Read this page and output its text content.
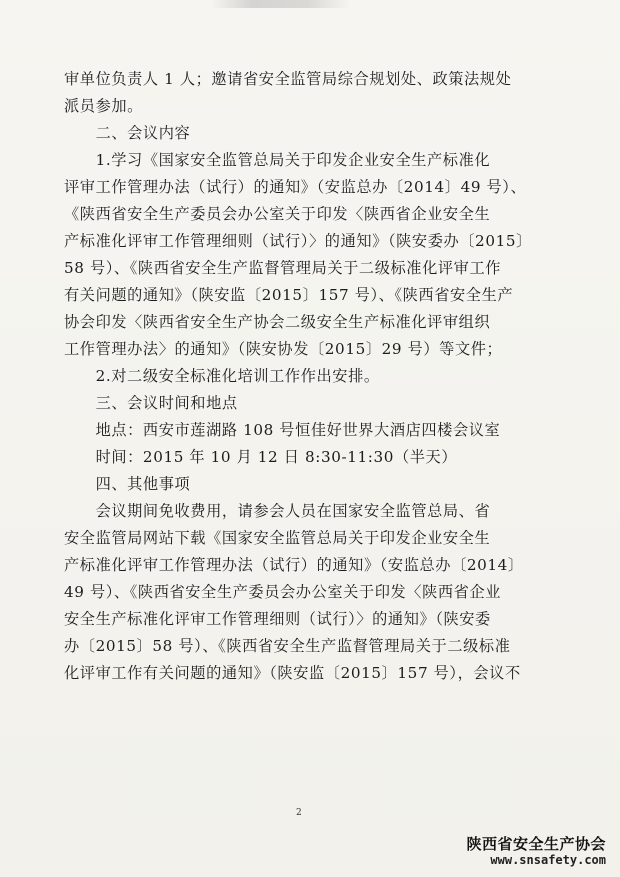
审单位负责人 1 人；邀请省安全监管局综合规划处、政策法规处
派员参加。
　　二、会议内容
　　1.学习《国家安全监管总局关于印发企业安全生产标准化
评审工作管理办法（试行）的通知》（安监总办〔2014〕49 号）、
《陕西省安全生产委员会办公室关于印发〈陕西省企业安全生
产标准化评审工作管理细则（试行）〉的通知》（陕安委办〔2015〕
58 号）、《陕西省安全生产监督管理局关于二级标准化评审工作
有关问题的通知》（陕安监〔2015〕157 号）、《陕西省安全生产
协会印发〈陕西省安全生产协会二级安全生产标准化评审组织
工作管理办法〉的通知》（陕安协发〔2015〕29 号）等文件；
　　2.对二级安全标准化培训工作作出安排。
　　三、会议时间和地点
　　地点：西安市莲湖路 108 号恒佳好世界大酒店四楼会议室
　　时间：2015 年 10 月 12 日 8:30-11:30（半天）
　　四、其他事项
　　会议期间免收费用，请参会人员在国家安全监管总局、省
安全监管局网站下载《国家安全监管总局关于印发企业安全生
产标准化评审工作管理办法（试行）的通知》（安监总办〔2014〕
49 号）、《陕西省安全生产委员会办公室关于印发〈陕西省企业
安全生产标准化评审工作管理细则（试行）〉的通知》（陕安委
办〔2015〕58 号）、《陕西省安全生产监督管理局关于二级标准
化评审工作有关问题的通知》（陕安监〔2015〕157 号），会议不
2
陕西省安全生产协会
www.snsafety.com
